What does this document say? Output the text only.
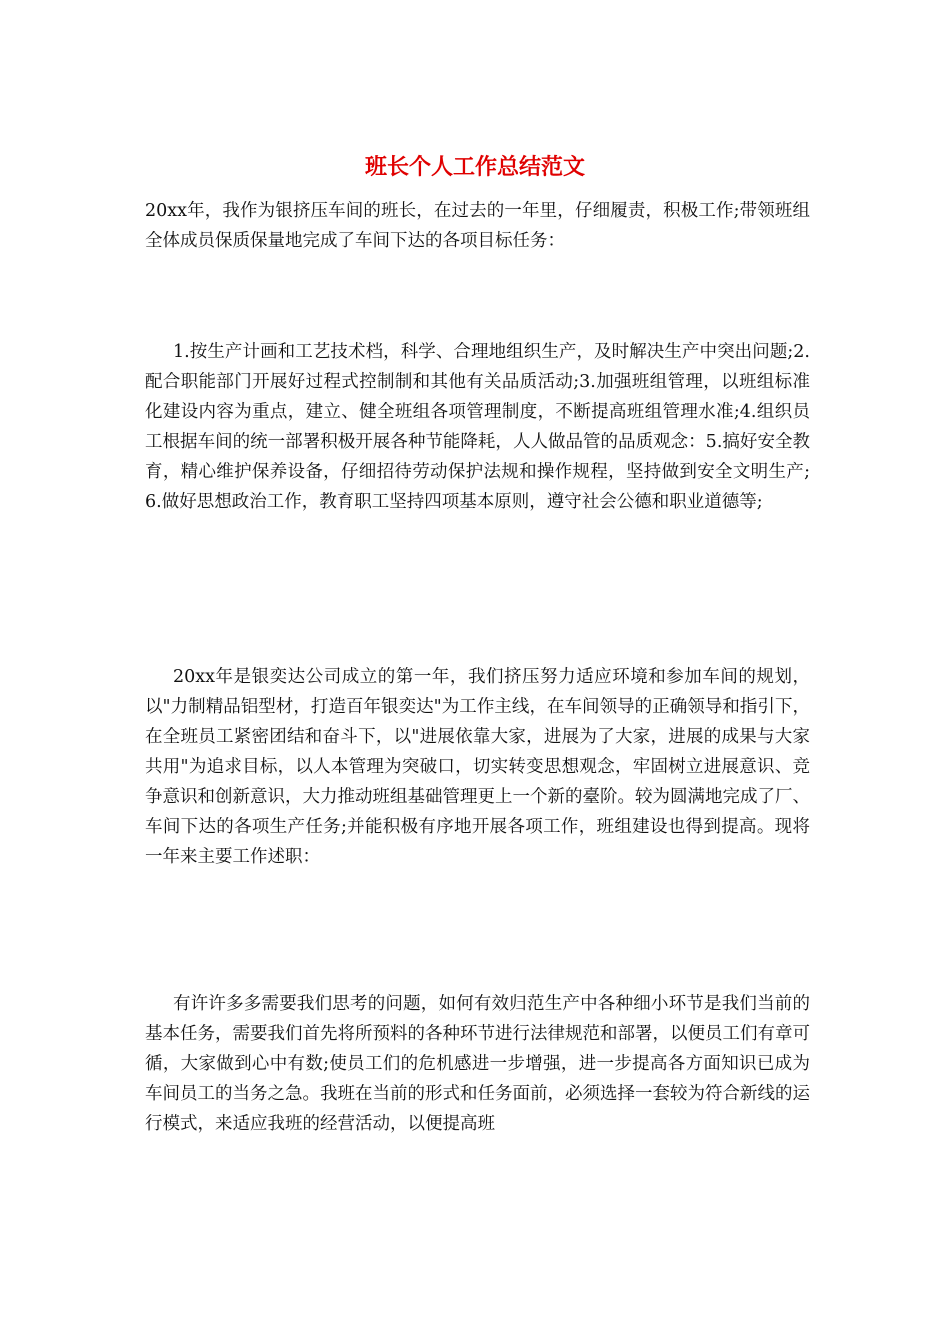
班长个人工作总结范文

20xx年，我作为银挤压车间的班长，在过去的一年里，仔细履责，积极工作;带领班组全体成员保质保量地完成了车间下达的各项目标任务：

1.按生产计画和工艺技术档，科学、合理地组织生产，及时解决生产中突出问题;2.配合职能部门开展好过程式控制制和其他有关品质活动;3.加强班组管理，以班组标准化建设内容为重点，建立、健全班组各项管理制度，不断提高班组管理水准;4.组织员工根据车间的统一部署积极开展各种节能降耗，人人做品管的品质观念：5.搞好安全教育，精心维护保养设备，仔细招待劳动保护法规和操作规程，坚持做到安全文明生产;6.做好思想政治工作，教育职工坚持四项基本原则，遵守社会公德和职业道德等;

20xx年是银奕达公司成立的第一年，我们挤压努力适应环境和参加车间的规划，以"力制精品铝型材，打造百年银奕达"为工作主线，在车间领导的正确领导和指引下，在全班员工紧密团结和奋斗下，以"进展依靠大家，进展为了大家，进展的成果与大家共用"为追求目标，以人本管理为突破口，切实转变思想观念，牢固树立进展意识、竞争意识和创新意识，大力推动班组基础管理更上一个新的臺阶。较为圆满地完成了厂、车间下达的各项生产任务;并能积极有序地开展各项工作，班组建设也得到提高。现将一年来主要工作述职：

有许许多多需要我们思考的问题，如何有效归范生产中各种细小环节是我们当前的基本任务，需要我们首先将所预料的各种环节进行法律规范和部署，以便员工们有章可循，大家做到心中有数;使员工们的危机感进一步增强，进一步提高各方面知识已成为车间员工的当务之急。我班在当前的形式和任务面前，必须选择一套较为符合新线的运行模式，来适应我班的经营活动，以便提高班
